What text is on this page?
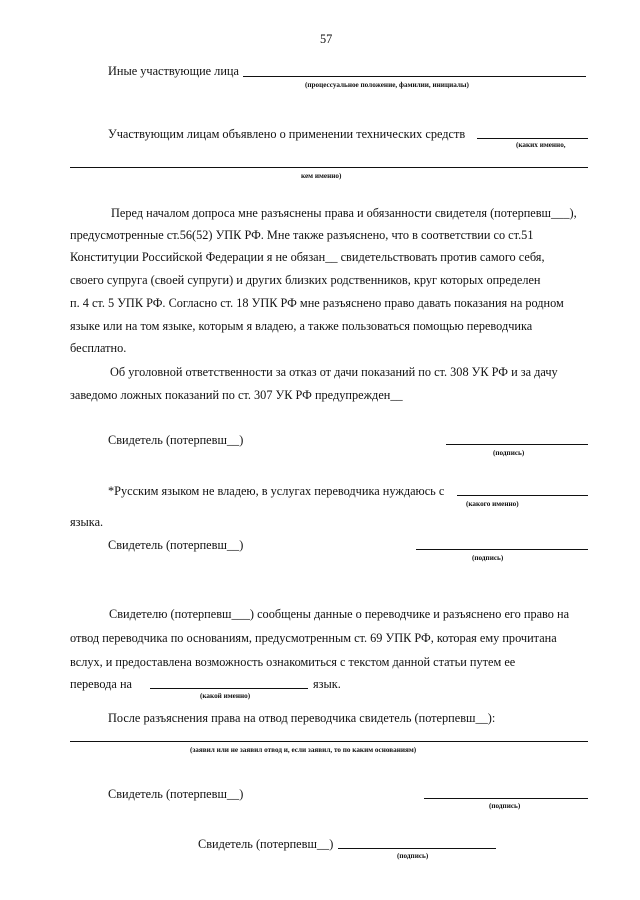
57
Иные участвующие лица
(процессуальное положение, фамилии, инициалы)
Участвующим лицам объявлено о применении технических средств
(каких именно,
кем именно)
Перед началом допроса мне разъяснены права и обязанности свидетеля (потерпевш___),
предусмотренные ст.56(52) УПК РФ. Мне также разъяснено, что в соответствии со ст.51
Конституции Российской Федерации я не обязан__ свидетельствовать против самого себя,
своего супруга (своей супруги) и других близких родственников, круг которых определен
п. 4 ст. 5 УПК РФ. Согласно ст. 18 УПК РФ мне разъяснено право давать показания на родном
языке или на том языке, которым я владею, а также пользоваться помощью переводчика
бесплатно.
Об уголовной ответственности за отказ от дачи показаний по ст. 308 УК РФ и за дачу
заведомо ложных показаний по ст. 307 УК РФ предупрежден__
Свидетель (потерпевш__)
(подпись)
*Русским языком не владею, в услугах переводчика нуждаюсь с
(какого именно)
языка.
Свидетель (потерпевш__)
(подпись)
Свидетелю (потерпевш___) сообщены данные о переводчике и разъяснено его право на
отвод переводчика по основаниям, предусмотренным ст. 69 УПК РФ, которая ему прочитана
вслух, и предоставлена возможность ознакомиться с текстом данной статьи путем ее
перевода на	язык.
(какой именно)
После разъяснения права на отвод переводчика свидетель (потерпевш__):
(заявил или не заявил отвод и, если заявил, то по каким основаниям)
Свидетель (потерпевш__)
(подпись)
Свидетель (потерпевш__)
(подпись)
